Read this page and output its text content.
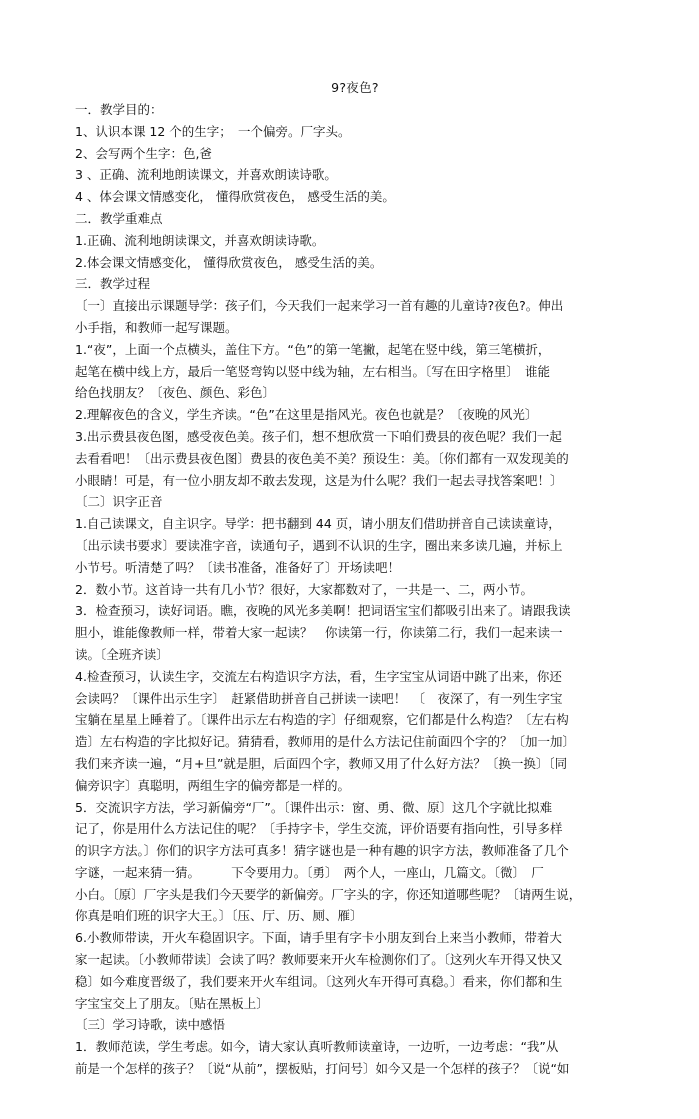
9?夜色?
一．教学目的：
1、认识本课 12 个的生字；　一个偏旁。厂字头。
2、会写两个生字：色,爸
3 、正确、流利地朗读课文，并喜欢朗读诗歌。
4 、体会课文情感变化， 懂得欣赏夜色， 感受生活的美。
二．教学重难点
1.正确、流利地朗读课文，并喜欢朗读诗歌。
2.体会课文情感变化， 懂得欣赏夜色， 感受生活的美。
三．教学过程
〔一〕直接出示课题导学：孩子们，今天我们一起来学习一首有趣的儿童诗?夜色?。伸出
小手指，和教师一起写课题。
1.“夜”，上面一个点横头，盖住下方。“色”的第一笔撇，起笔在竖中线，第三笔横折，
起笔在横中线上方，最后一笔竖弯钩以竖中线为轴，左右相当。〔写在田字格里〕　谁能
给色找朋友？〔夜色、颜色、彩色〕
2.理解夜色的含义，学生齐读。“色”在这里是指风光。夜色也就是？〔夜晚的风光〕
3.出示费县夜色图，感受夜色美。孩子们，想不想欣赏一下咱们费县的夜色呢？我们一起
去看看吧！〔出示费县夜色图〕费县的夜色美不美？预设生：美。〔你们都有一双发现美的
小眼睛！可是，有一位小朋友却不敢去发现，这是为什么呢？我们一起去寻找答案吧！〕
〔二〕识字正音
1.自己读课文，自主识字。导学：把书翻到 44 页，请小朋友们借助拼音自己读读童诗，
〔出示读书要求〕要读准字音，读通句子，遇到不认识的生字，圈出来多读几遍，并标上
小节号。听清楚了吗？〔读书准备，准备好了〕开场读吧！
2．数小节。这首诗一共有几小节？很好，大家都数对了，一共是一、二，两小节。
3．检查预习，读好词语。瞧，夜晚的风光多美啊！把词语宝宝们都吸引出来了。请跟我读
胆小，谁能像教师一样，带着大家一起读？　你读第一行，你读第二行，我们一起来读一
读。〔全班齐读〕
4.检查预习，认读生字，交流左右构造识字方法，看，生字宝宝从词语中跳了出来，你还
会读吗？〔课件出示生字〕　赶紧借助拼音自己拼读一读吧！　〔　夜深了，有一列生字宝
宝躺在星星上睡着了。〔课件出示左右构造的字〕仔细观察，它们都是什么构造？〔左右构
造〕左右构造的字比拟好记。猜猜看，教师用的是什么方法记住前面四个字的？〔加一加〕
我们来齐读一遍，“月+旦”就是胆，后面四个字，教师又用了什么好方法？〔换一换〕〔同
偏旁识字〕真聪明，两组生字的偏旁都是一样的。
5．交流识字方法，学习新偏旁“厂”。〔课件出示：窗、勇、微、原〕这几个字就比拟难
记了，你是用什么方法记住的呢？〔手持字卡，学生交流，评价语要有指向性，引导多样
的识字方法。〕你们的识字方法可真多！猜字谜也是一种有趣的识字方法，教师准备了几个
字谜，一起来猜一猜。　　　下令要用力。〔勇〕　两个人，一座山，几篇文。〔微〕　厂
小白。〔原〕厂字头是我们今天要学的新偏旁。厂字头的字，你还知道哪些呢？〔请两生说，
你真是咱们班的识字大王。〕〔压、厅、历、厕、雁〕
6.小教师带读，开火车稳固识字。下面，请手里有字卡小朋友到台上来当小教师，带着大
家一起读。〔小教师带读〕会读了吗？教师要来开火车检测你们了。〔这列火车开得又快又
稳〕如今难度晋级了，我们要来开火车组词。〔这列火车开得可真稳。〕看来，你们都和生
字宝宝交上了朋友。〔贴在黑板上〕
〔三〕学习诗歌，读中感悟
1．教师范读，学生考虑。如今，请大家认真听教师读童诗，一边听，一边考虑：“我”从
前是一个怎样的孩子？〔说“从前”，摆板贴，打问号〕如今又是一个怎样的孩子？〔说“如
